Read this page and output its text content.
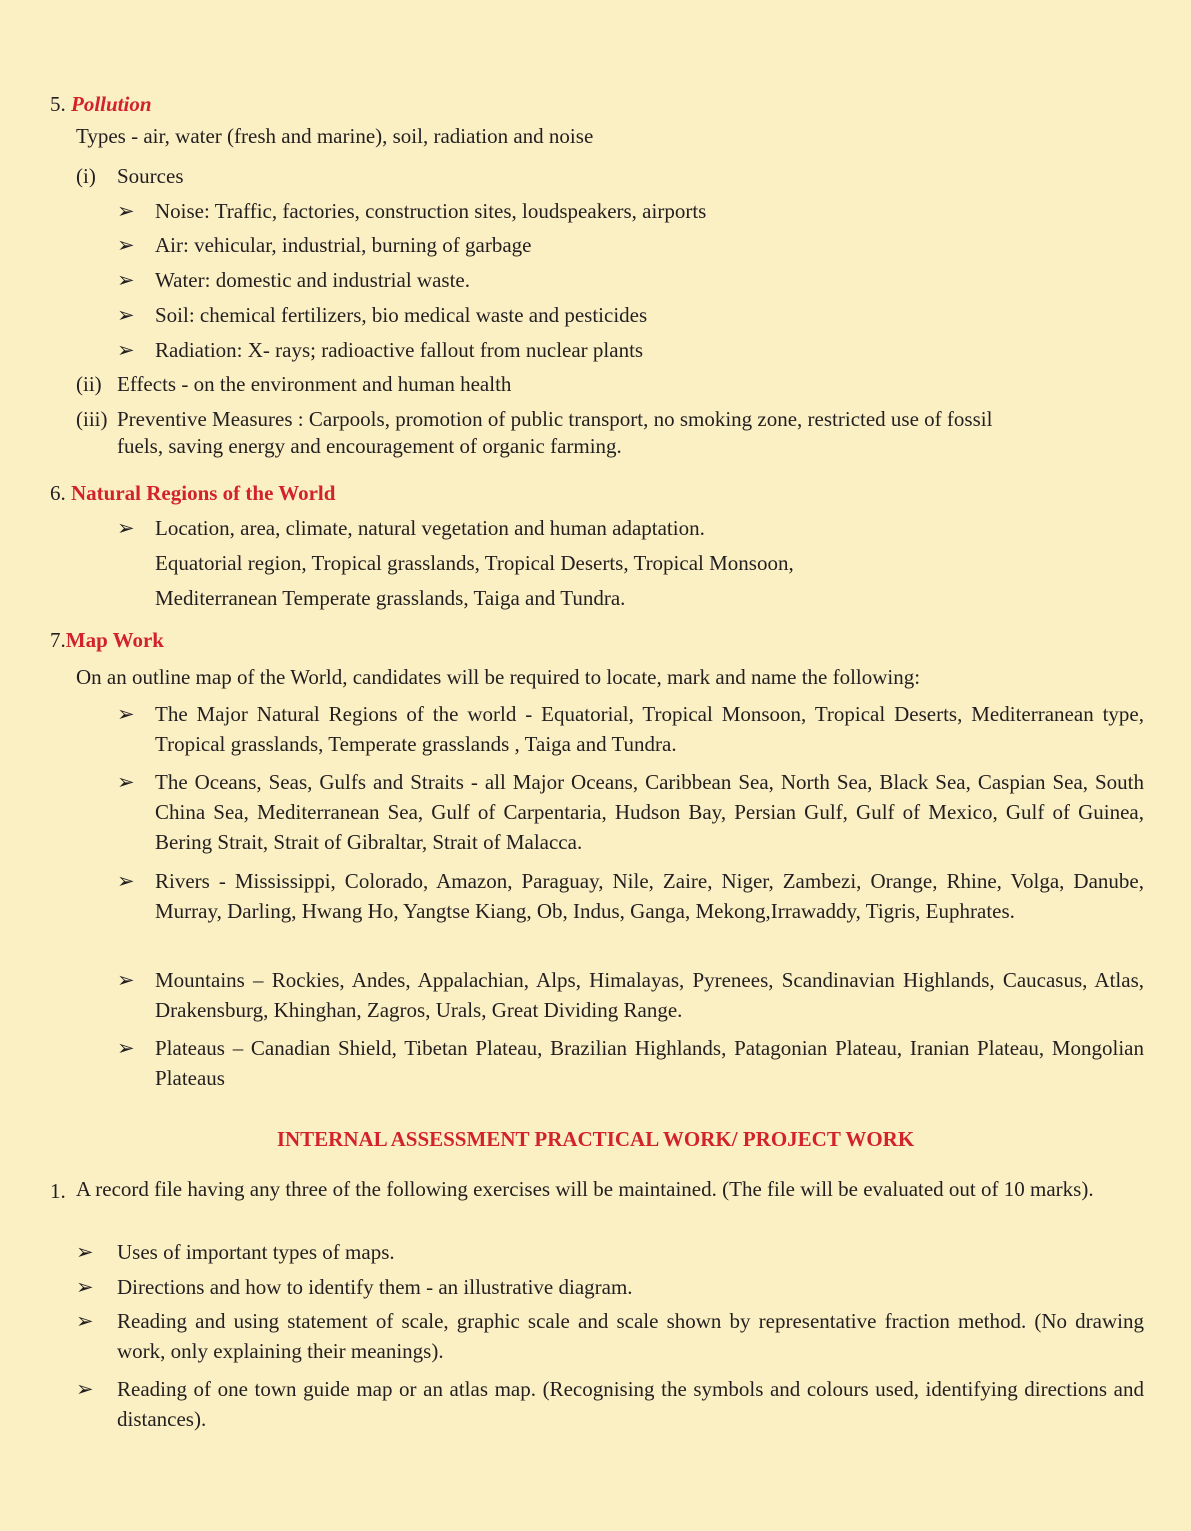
5. Pollution
Types - air, water (fresh and marine), soil, radiation and noise
(i) Sources
➢ Noise: Traffic, factories, construction sites, loudspeakers, airports
➢ Air: vehicular, industrial, burning of garbage
➢ Water: domestic and industrial waste.
➢ Soil: chemical fertilizers, bio medical waste and pesticides
➢ Radiation: X- rays; radioactive fallout from nuclear plants
(ii) Effects - on the environment and human health
(iii) Preventive Measures : Carpools, promotion of public transport, no smoking zone, restricted use of fossil
fuels, saving energy and encouragement of organic farming.
6. Natural Regions of the World
➢ Location, area, climate, natural vegetation and human adaptation.
Equatorial region, Tropical grasslands, Tropical Deserts, Tropical Monsoon,
Mediterranean Temperate grasslands, Taiga and Tundra.
7.Map Work
On an outline map of the World, candidates will be required to locate, mark and name the following:
➢ The Major Natural Regions of the world - Equatorial, Tropical Monsoon, Tropical Deserts, Mediterranean type, Tropical grasslands, Temperate grasslands , Taiga and Tundra.
➢ The Oceans, Seas, Gulfs and Straits - all Major Oceans, Caribbean Sea, North Sea, Black Sea, Caspian Sea, South China Sea, Mediterranean Sea, Gulf of Carpentaria, Hudson Bay, Persian Gulf, Gulf of Mexico, Gulf of Guinea, Bering Strait, Strait of Gibraltar, Strait of Malacca.
➢ Rivers - Mississippi, Colorado, Amazon, Paraguay, Nile, Zaire, Niger, Zambezi, Orange, Rhine, Volga, Danube, Murray, Darling, Hwang Ho, Yangtse Kiang, Ob, Indus, Ganga, Mekong,Irrawaddy, Tigris, Euphrates.
➢ Mountains – Rockies, Andes, Appalachian, Alps, Himalayas, Pyrenees, Scandinavian Highlands, Caucasus, Atlas, Drakensburg, Khinghan, Zagros, Urals, Great Dividing Range.
➢ Plateaus – Canadian Shield, Tibetan Plateau, Brazilian Highlands, Patagonian Plateau, Iranian Plateau, Mongolian Plateaus
INTERNAL ASSESSMENT PRACTICAL WORK/ PROJECT WORK
1. A record file having any three of the following exercises will be maintained. (The file will be evaluated out of 10 marks).
➢ Uses of important types of maps.
➢ Directions and how to identify them - an illustrative diagram.
➢	Reading and using statement of scale, graphic scale and scale shown by representative fraction method. (No drawing work, only explaining their meanings).
➢	Reading of one town guide map or an atlas map. (Recognising the symbols and colours used, identifying directions and distances).
